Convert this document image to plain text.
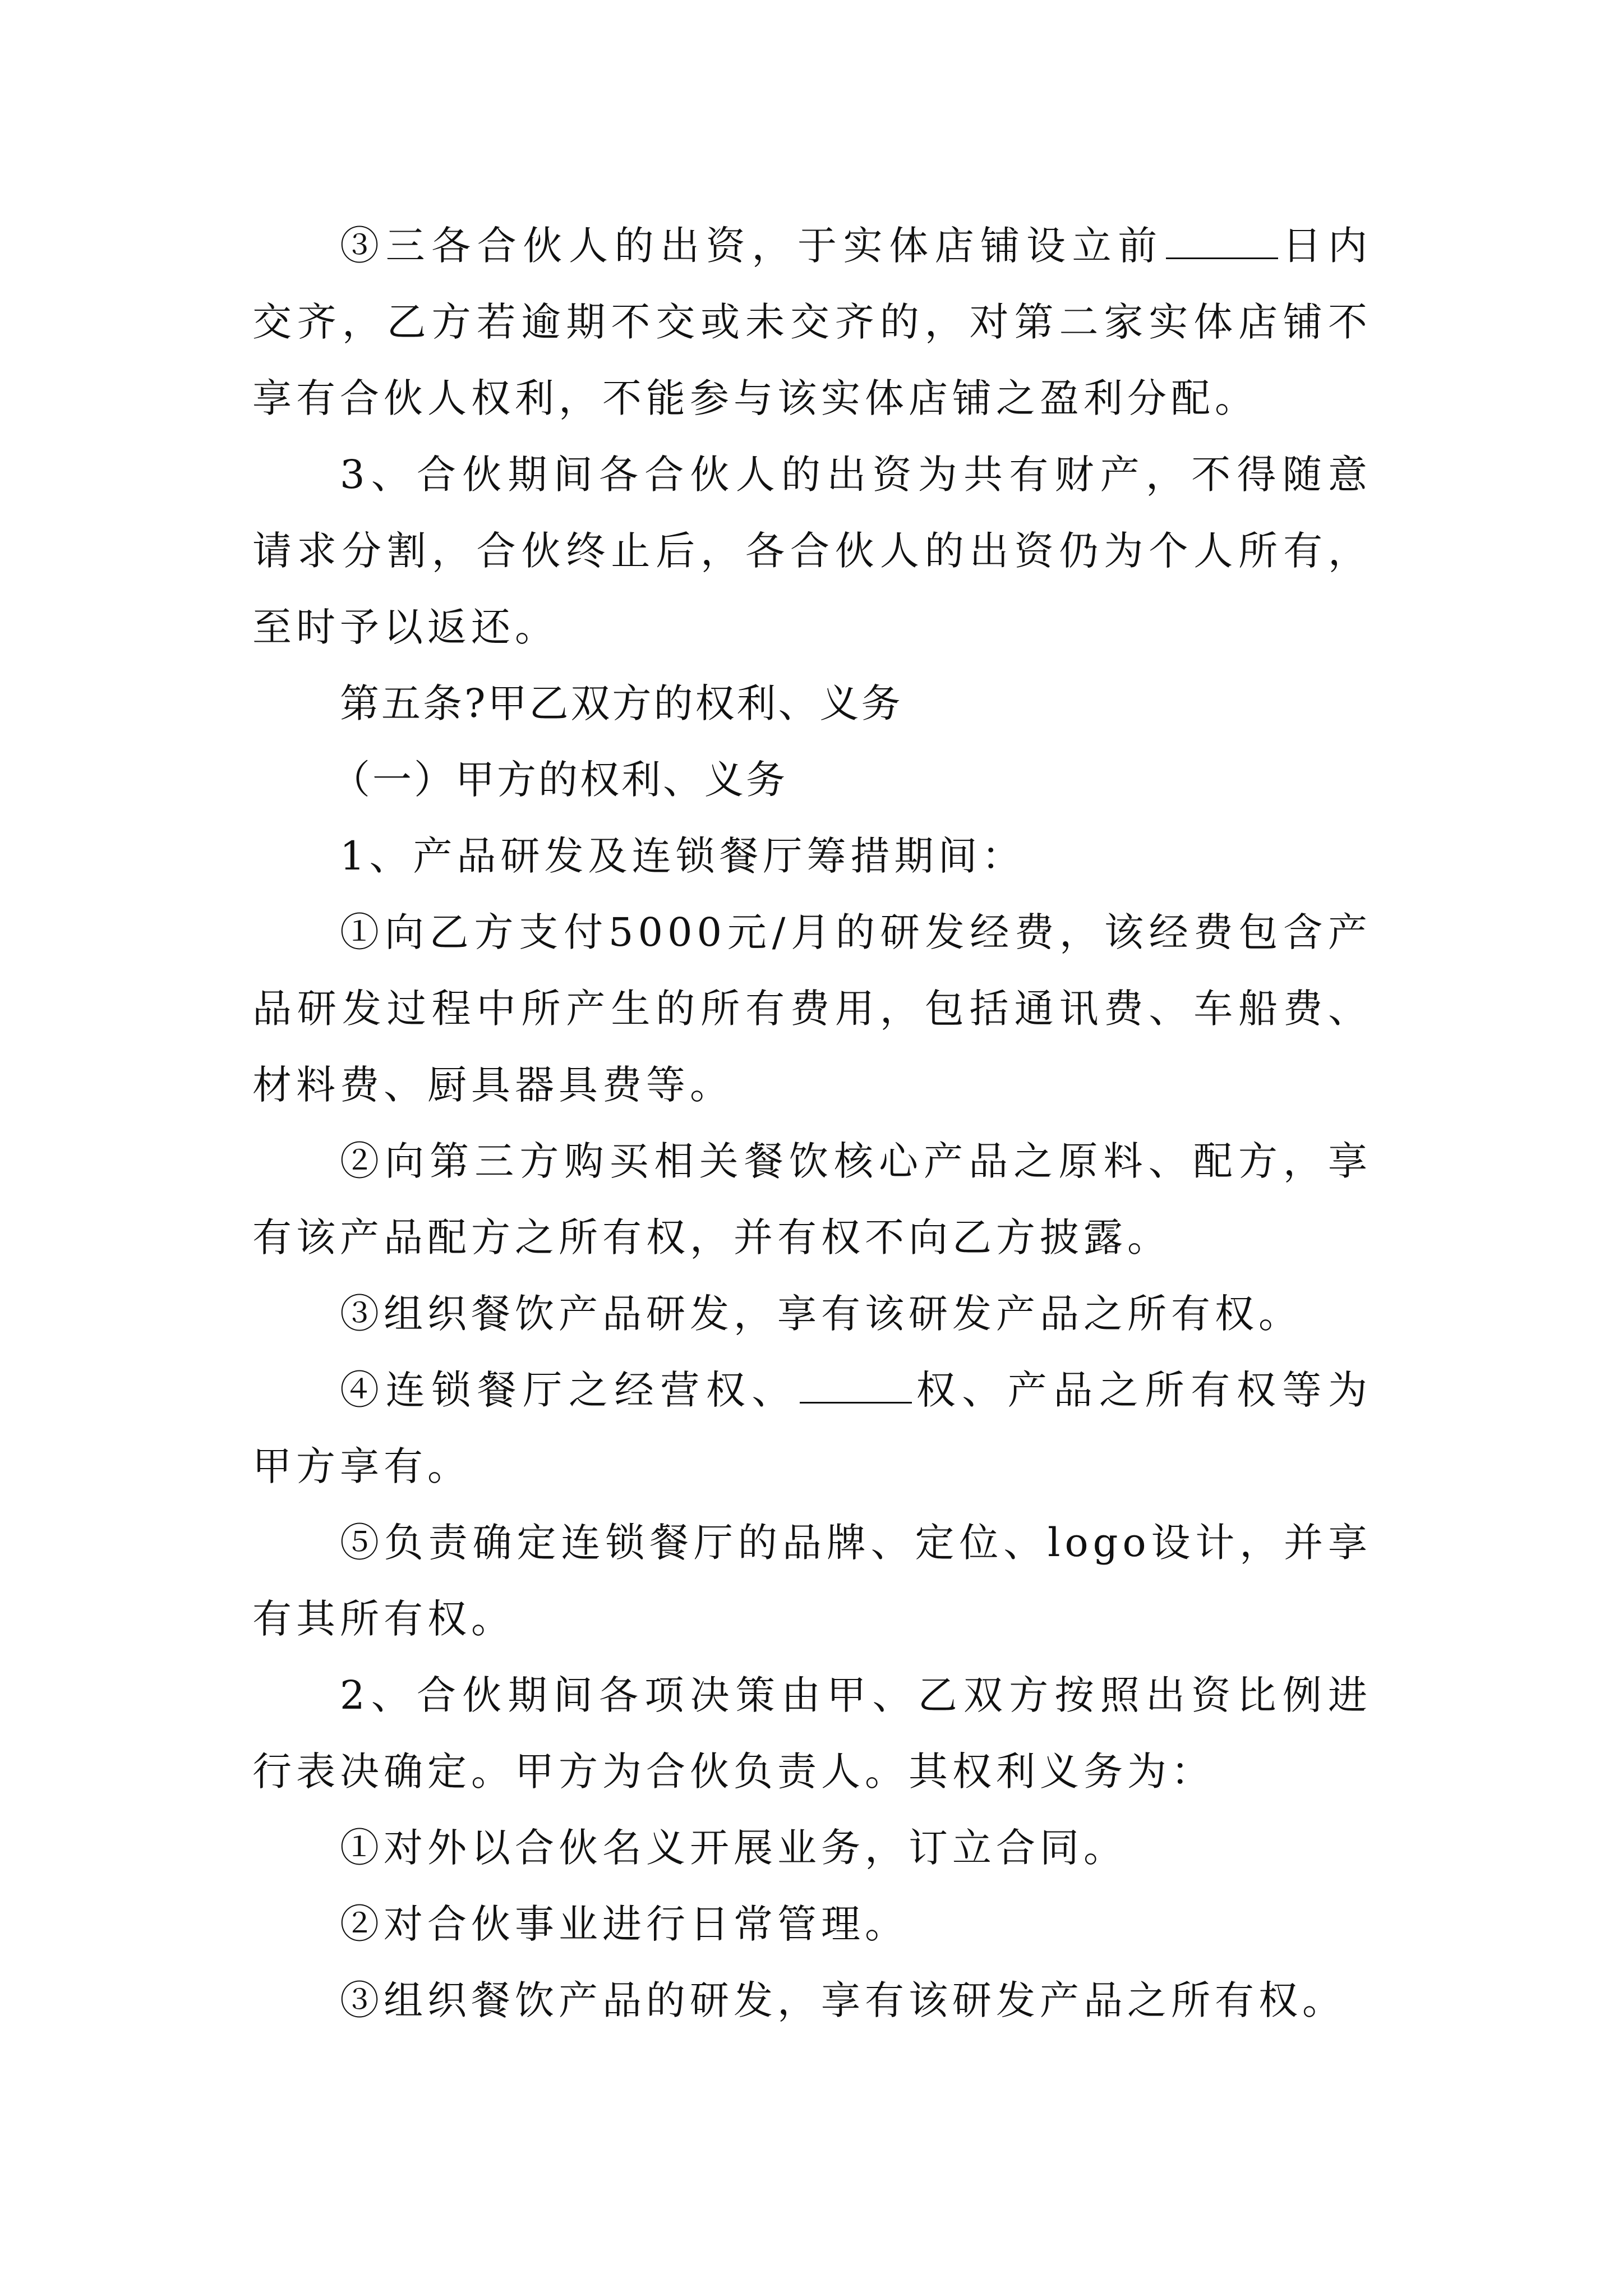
③三各合伙人的出资，于实体店铺设立前	日内交齐，乙方若逾期不交或未交齐的，对第二家实体店铺不享有合伙人权利，不能参与该实体店铺之盈利分配。

3、合伙期间各合伙人的出资为共有财产，不得随意请求分割，合伙终止后，各合伙人的出资仍为个人所有，至时予以返还。

第五条?甲乙双方的权利、义务

（一）甲方的权利、义务

1、产品研发及连锁餐厅筹措期间：

①向乙方支付5000元/月的研发经费，该经费包含产品研发过程中所产生的所有费用，包括通讯费、车船费、材料费、厨具器具费等。

②向第三方购买相关餐饮核心产品之原料、配方，享有该产品配方之所有权，并有权不向乙方披露。

③组织餐饮产品研发，享有该研发产品之所有权。

④连锁餐厅之经营权、	权、产品之所有权等为甲方享有。

⑤负责确定连锁餐厅的品牌、定位、logo设计，并享有其所有权。

2、合伙期间各项决策由甲、乙双方按照出资比例进行表决确定。甲方为合伙负责人。其权利义务为：

①对外以合伙名义开展业务，订立合同。

②对合伙事业进行日常管理。

③组织餐饮产品的研发，享有该研发产品之所有权。
